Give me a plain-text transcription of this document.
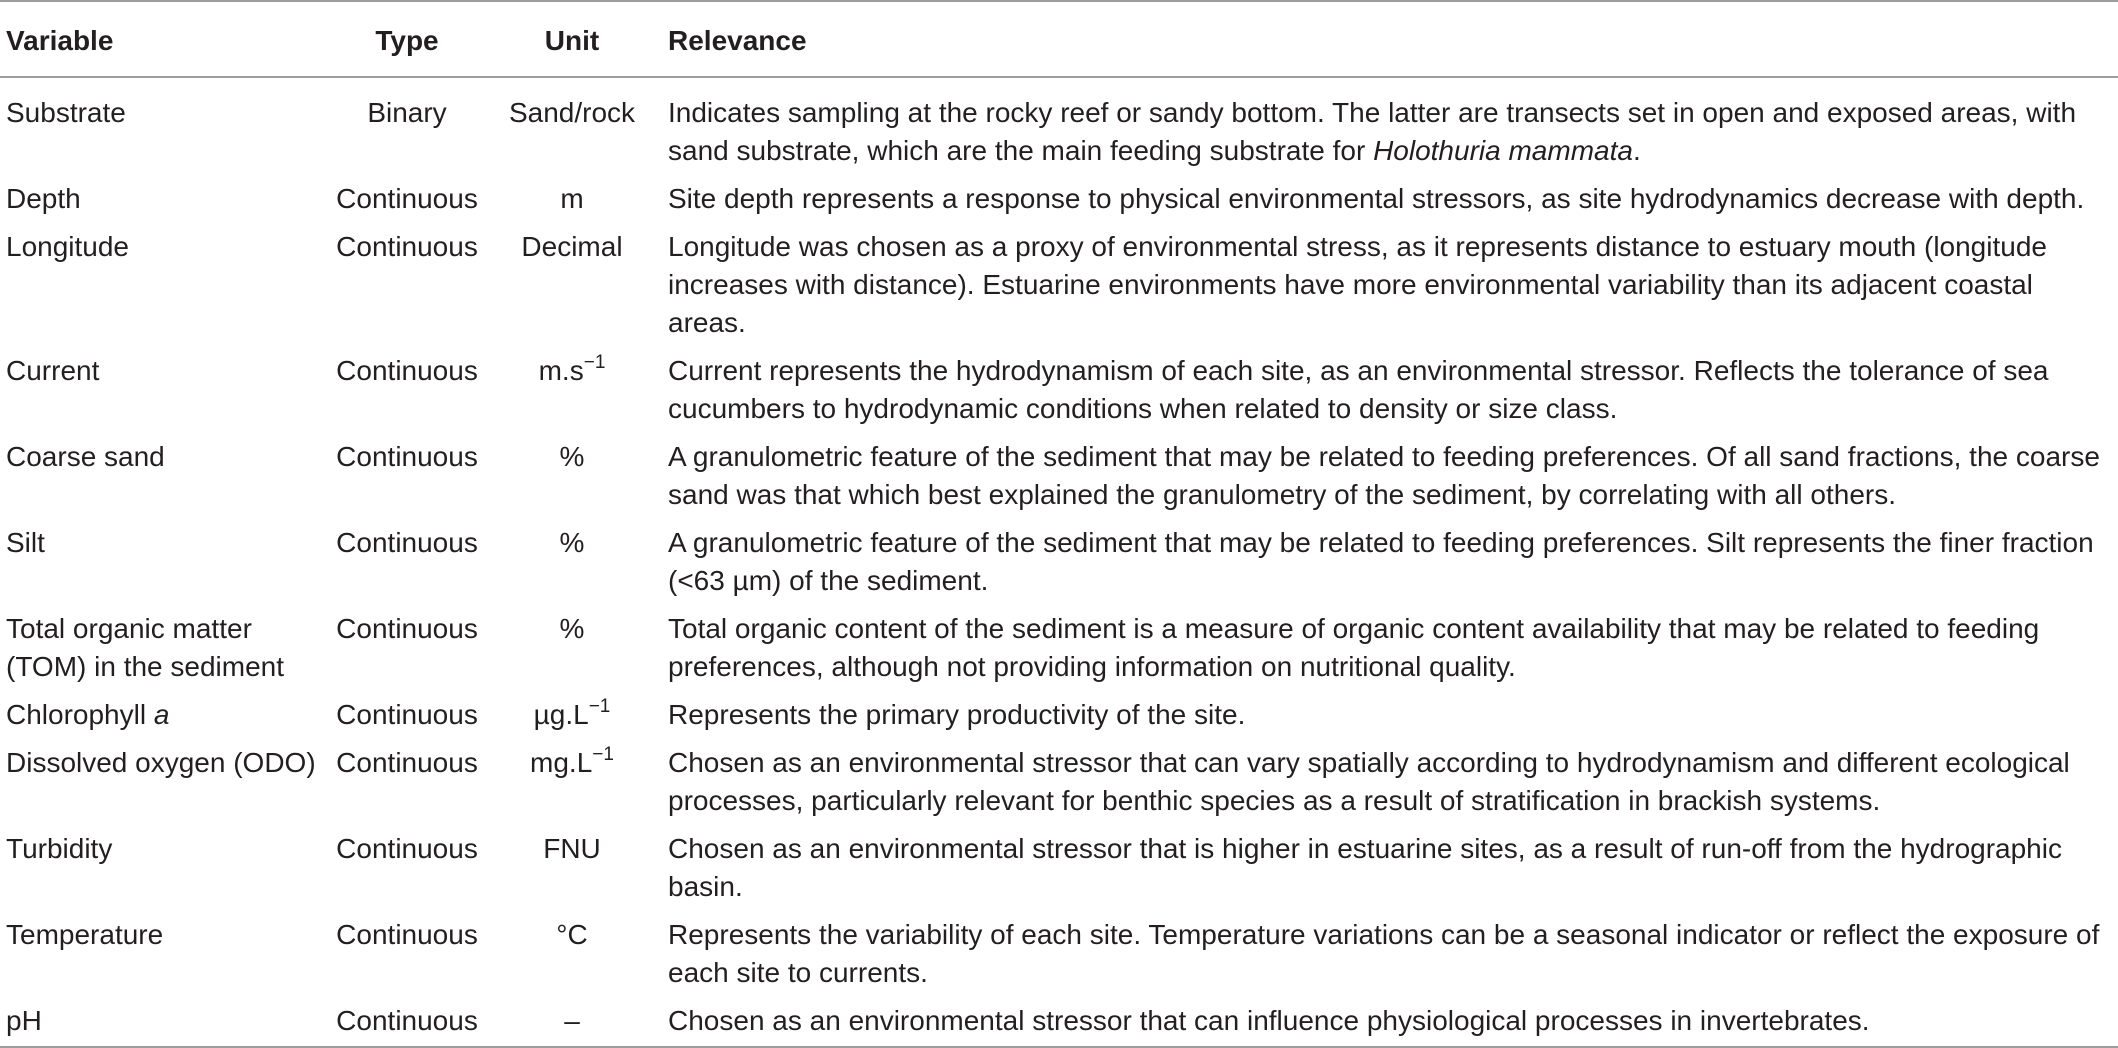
Variable	Type	Unit	Relevance
Substrate	Binary	Sand/rock	Indicates sampling at the rocky reef or sandy bottom. The latter are transects set in open and exposed areas, with sand substrate, which are the main feeding substrate for Holothuria mammata.
Depth	Continuous	m	Site depth represents a response to physical environmental stressors, as site hydrodynamics decrease with depth.
Longitude	Continuous	Decimal	Longitude was chosen as a proxy of environmental stress, as it represents distance to estuary mouth (longitude increases with distance). Estuarine environments have more environmental variability than its adjacent coastal areas.
Current	Continuous	$m.s^{-1}$	Current represents the hydrodynamism of each site, as an environmental stressor. Reflects the tolerance of sea cucumbers to hydrodynamic conditions when related to density or size class.
Coarse sand	Continuous	%	A granulometric feature of the sediment that may be related to feeding preferences. Of all sand fractions, the coarse sand was that which best explained the granulometry of the sediment, by correlating with all others.
Silt	Continuous	%	A granulometric feature of the sediment that may be related to feeding preferences. Silt represents the finer fraction (<63 µm) of the sediment.
Total organic matter (TOM) in the sediment	Continuous	%	Total organic content of the sediment is a measure of organic content availability that may be related to feeding preferences, although not providing information on nutritional quality.
Chlorophyll a	Continuous	$\mu g.L^{-1}$	Represents the primary productivity of the site.
Dissolved oxygen (ODO)	Continuous	$mg.L^{-1}$	Chosen as an environmental stressor that can vary spatially according to hydrodynamism and different ecological processes, particularly relevant for benthic species as a result of stratification in brackish systems.
Turbidity	Continuous	FNU	Chosen as an environmental stressor that is higher in estuarine sites, as a result of run-off from the hydrographic basin.
Temperature	Continuous	°C	Represents the variability of each site. Temperature variations can be a seasonal indicator or reflect the exposure of each site to currents.
pH	Continuous	–	Chosen as an environmental stressor that can influence physiological processes in invertebrates.
